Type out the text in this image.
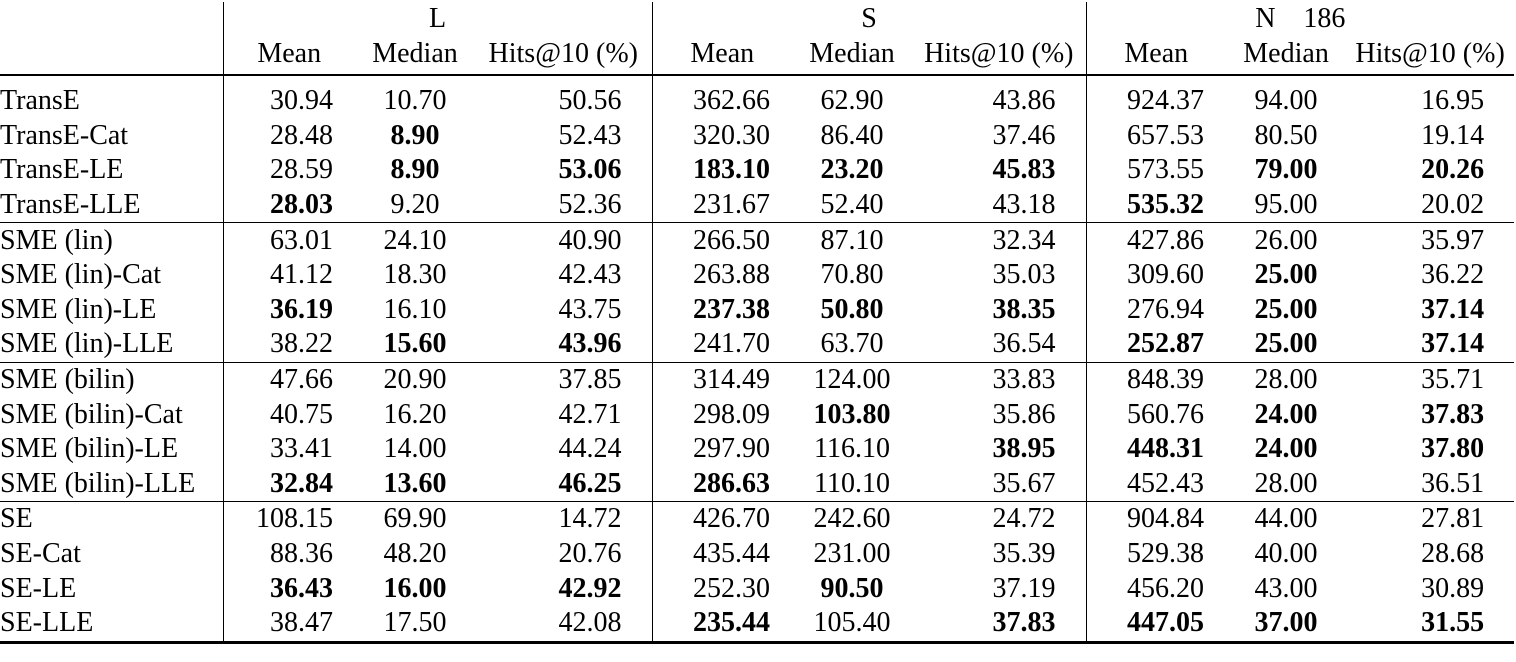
	L			S			N 186		
	Mean	Median	Hits@10 (%)	Mean	Median	Hits@10 (%)	Mean	Median	Hits@10 (%)

TransE	30.94	10.70	50.56	362.66	62.90	43.86	924.37	94.00	16.95
TransE-Cat	28.48	8.90	52.43	320.30	86.40	37.46	657.53	80.50	19.14
TransE-LE	28.59	8.90	53.06	183.10	23.20	45.83	573.55	79.00	20.26
TransE-LLE	28.03	9.20	52.36	231.67	52.40	43.18	535.32	95.00	20.02
SME (lin)	63.01	24.10	40.90	266.50	87.10	32.34	427.86	26.00	35.97
SME (lin)-Cat	41.12	18.30	42.43	263.88	70.80	35.03	309.60	25.00	36.22
SME (lin)-LE	36.19	16.10	43.75	237.38	50.80	38.35	276.94	25.00	37.14
SME (lin)-LLE	38.22	15.60	43.96	241.70	63.70	36.54	252.87	25.00	37.14
SME (bilin)	47.66	20.90	37.85	314.49	124.00	33.83	848.39	28.00	35.71
SME (bilin)-Cat	40.75	16.20	42.71	298.09	103.80	35.86	560.76	24.00	37.83
SME (bilin)-LE	33.41	14.00	44.24	297.90	116.10	38.95	448.31	24.00	37.80
SME (bilin)-LLE	32.84	13.60	46.25	286.63	110.10	35.67	452.43	28.00	36.51
SE	108.15	69.90	14.72	426.70	242.60	24.72	904.84	44.00	27.81
SE-Cat	88.36	48.20	20.76	435.44	231.00	35.39	529.38	40.00	28.68
SE-LE	36.43	16.00	42.92	252.30	90.50	37.19	456.20	43.00	30.89
SE-LLE	38.47	17.50	42.08	235.44	105.40	37.83	447.05	37.00	31.55
